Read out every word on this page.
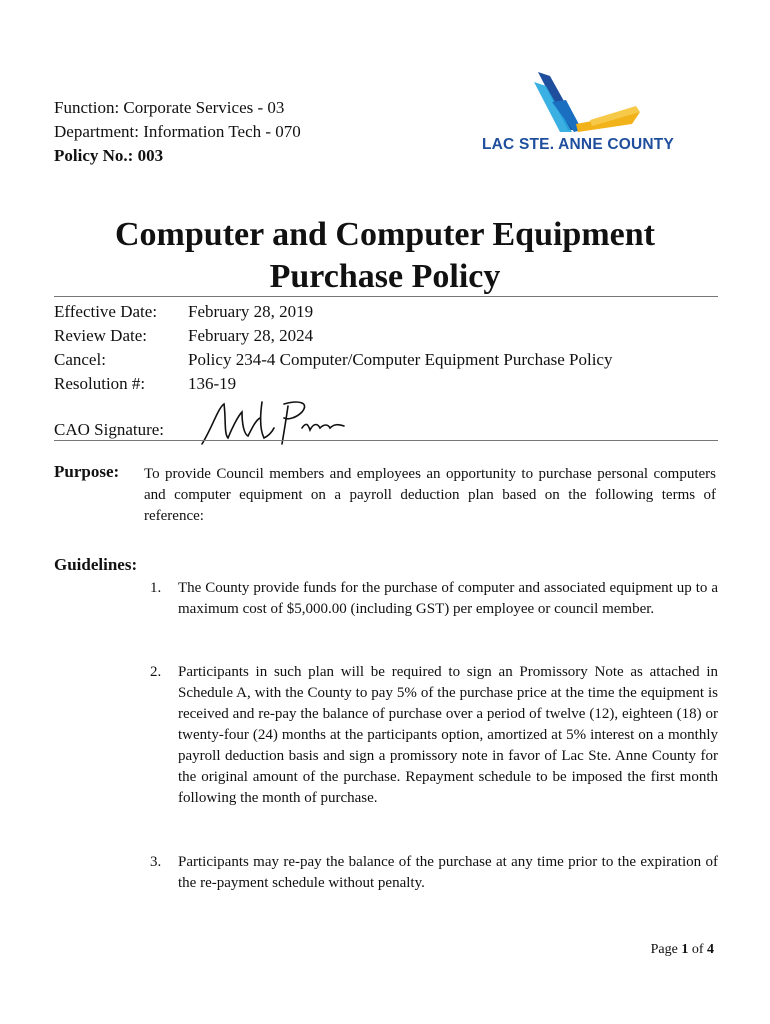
Function: Corporate Services - 03
Department: Information Tech - 070
Policy No.: 003
LAC STE. ANNE COUNTY
Computer and Computer Equipment
Purchase Policy
Effective Date:	February 28, 2019
Review Date:	February 28, 2024
Cancel:	Policy 234-4 Computer/Computer Equipment Purchase Policy
Resolution #:	136-19
CAO Signature:
Purpose: To provide Council members and employees an opportunity to purchase personal computers and computer equipment on a payroll deduction plan based on the following terms of reference:
Guidelines:
1.	The County provide funds for the purchase of computer and associated equipment up to a maximum cost of $5,000.00 (including GST) per employee or council member.
2.	Participants in such plan will be required to sign an Promissory Note as attached in Schedule A, with the County to pay 5% of the purchase price at the time the equipment is received and re-pay the balance of purchase over a period of twelve (12), eighteen (18) or twenty-four (24) months at the participants option, amortized at 5% interest on a monthly payroll deduction basis and sign a promissory note in favor of Lac Ste. Anne County for the original amount of the purchase. Repayment schedule to be imposed the first month following the month of purchase.
3.	Participants may re-pay the balance of the purchase at any time prior to the expiration of the re-payment schedule without penalty.
Page 1 of 4
